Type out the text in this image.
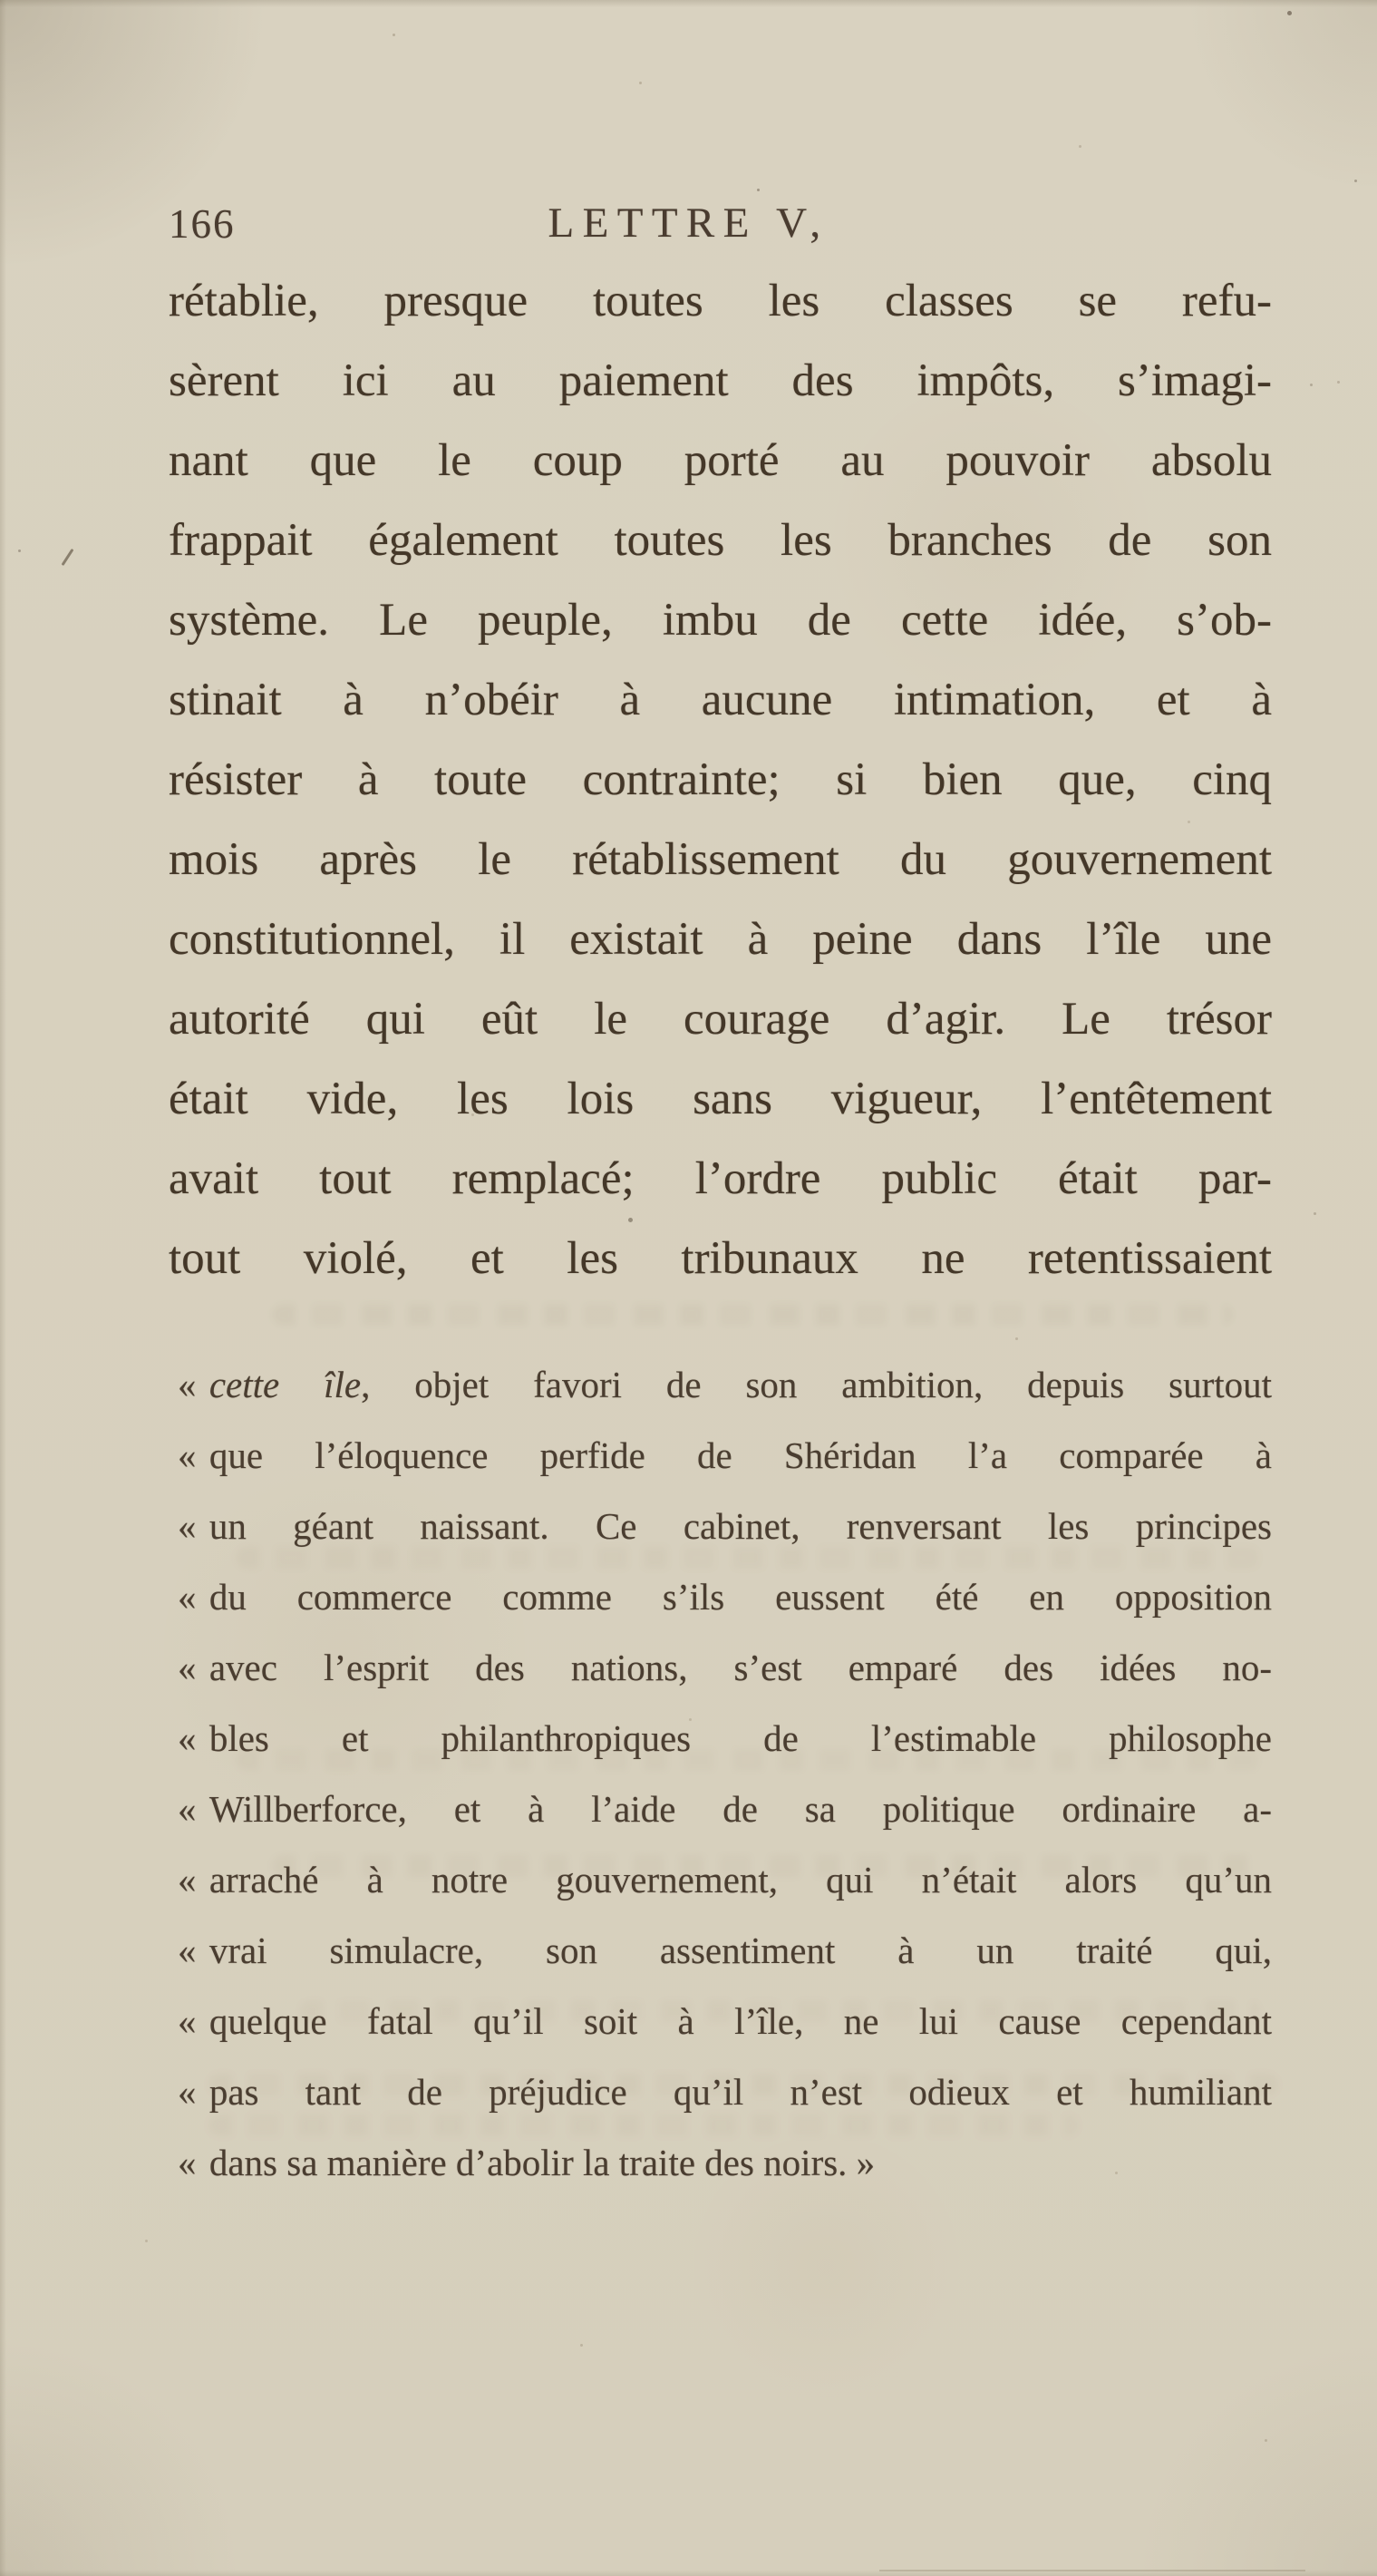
166	LETTRE V,
rétablie, presque toutes les classes se refu-
sèrent ici au paiement des impôts, s’imagi-
nant que le coup porté au pouvoir absolu
frappait également toutes les branches de son
système. Le peuple, imbu de cette idée, s’ob-
stinait à n’obéir à aucune intimation, et à
résister à toute contrainte; si bien que, cinq
mois après le rétablissement du gouvernement
constitutionnel, il existait à peine dans l’île une
autorité qui eût le courage d’agir. Le trésor
était vide, les lois sans vigueur, l’entêtement
avait tout remplacé; l’ordre public était par-
tout violé, et les tribunaux ne retentissaient
« cette île, objet favori de son ambition, depuis surtout
« que l’éloquence perfide de Shéridan l’a comparée à
« un géant naissant. Ce cabinet, renversant les principes
« du commerce comme s’ils eussent été en opposition
« avec l’esprit des nations, s’est emparé des idées no-
« bles et philanthropiques de l’estimable philosophe
« Willberforce, et à l’aide de sa politique ordinaire a-
« arraché à notre gouvernement, qui n’était alors qu’un
« vrai simulacre, son assentiment à un traité qui,
« quelque fatal qu’il soit à l’île, ne lui cause cependant
« pas tant de préjudice qu’il n’est odieux et humiliant
« dans sa manière d’abolir la traite des noirs. »
